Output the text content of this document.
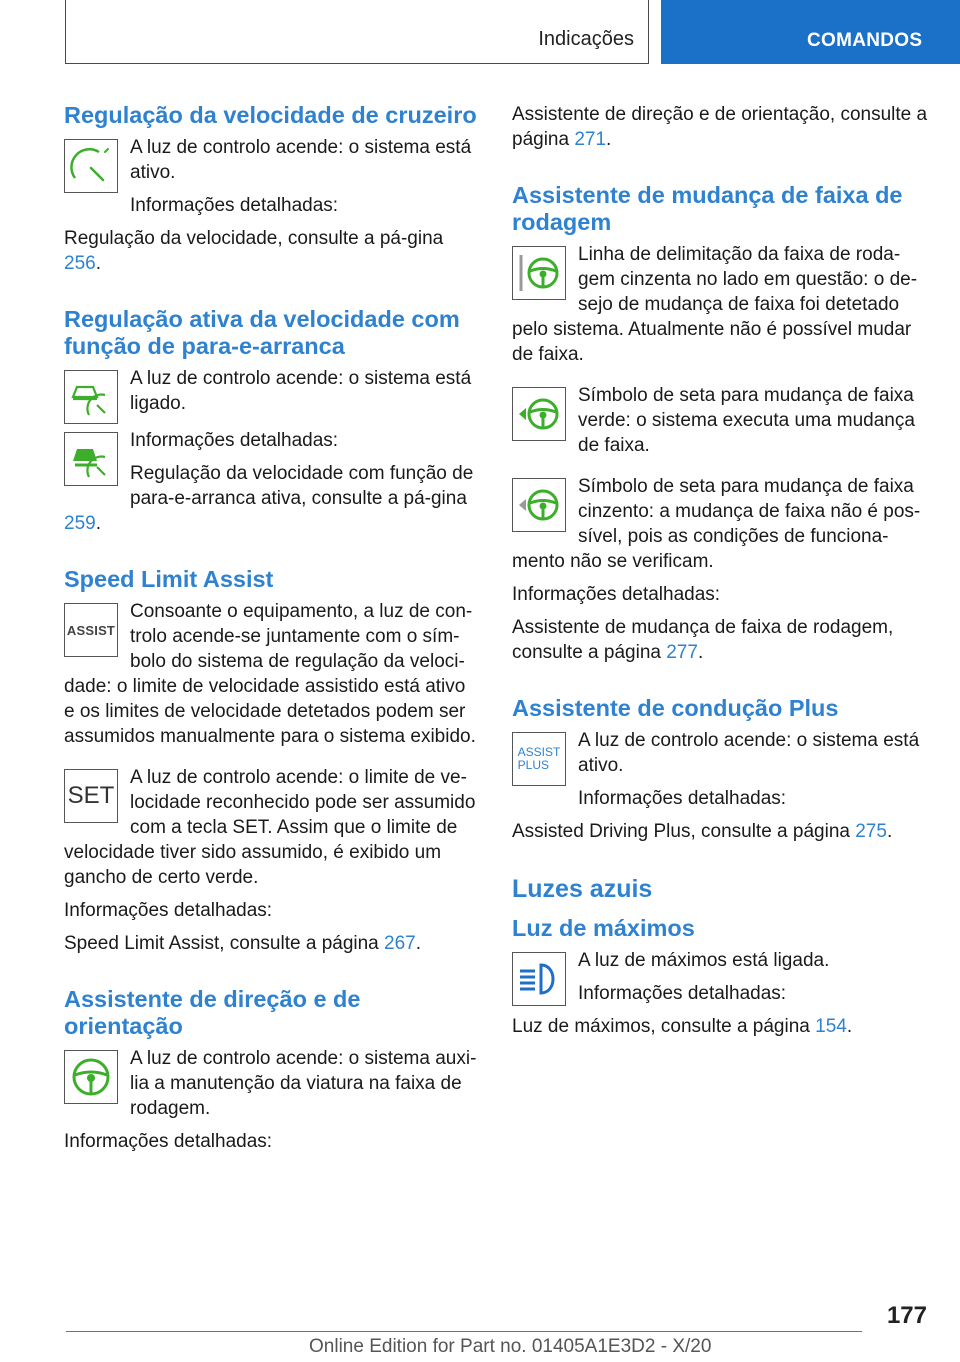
Indicações	COMANDOS
Regulação da velocidade de cruzeiro

A luz de controlo acende: o sistema está ativo.

Informações detalhadas:

Regulação da velocidade, consulte a pá-gina 256.

Regulação ativa da velocidade com função de para-e-arranca

A luz de controlo acende: o sistema está ligado.

Informações detalhadas:

Regulação da velocidade com função de para-e-arranca ativa, consulte a pá-gina 259.

Speed Limit Assist
ASSIST

Consoante o equipamento, a luz de con-trolo acende-se juntamente com o sím-bolo do sistema de regulação da veloci-dade: o limite de velocidade assistido está ativo e os limites de velocidade detetados podem ser assumidos manualmente para o sistema exibido.

SET

A luz de controlo acende: o limite de ve-locidade reconhecido pode ser assumido com a tecla SET. Assim que o limite de velocidade tiver sido assumido, é exibido um gancho de certo verde.

Informações detalhadas:

Speed Limit Assist, consulte a página 267.

Assistente de direção e de orientação

A luz de controlo acende: o sistema auxi-lia a manutenção da viatura na faixa de rodagem.

Informações detalhadas:

Assistente de direção e de orientação, consulte a página 271.

Assistente de mudança de faixa de rodagem

Linha de delimitação da faixa de roda-gem cinzenta no lado em questão: o de-sejo de mudança de faixa foi detetado pelo sistema. Atualmente não é possível mudar de faixa.

Símbolo de seta para mudança de faixa verde: o sistema executa uma mudança de faixa.

Símbolo de seta para mudança de faixa cinzento: a mudança de faixa não é pos-sível, pois as condições de funciona-mento não se verificam.

Informações detalhadas:

Assistente de mudança de faixa de rodagem, consulte a página 277.

Assistente de condução Plus
ASSIST
PLUS

A luz de controlo acende: o sistema está ativo.

Informações detalhadas:

Assisted Driving Plus, consulte a página 275.

Luzes azuis
Luz de máximos

A luz de máximos está ligada.

Informações detalhadas:

Luz de máximos, consulte a página 154.

177
Online Edition for Part no. 01405A1E3D2 - X/20
